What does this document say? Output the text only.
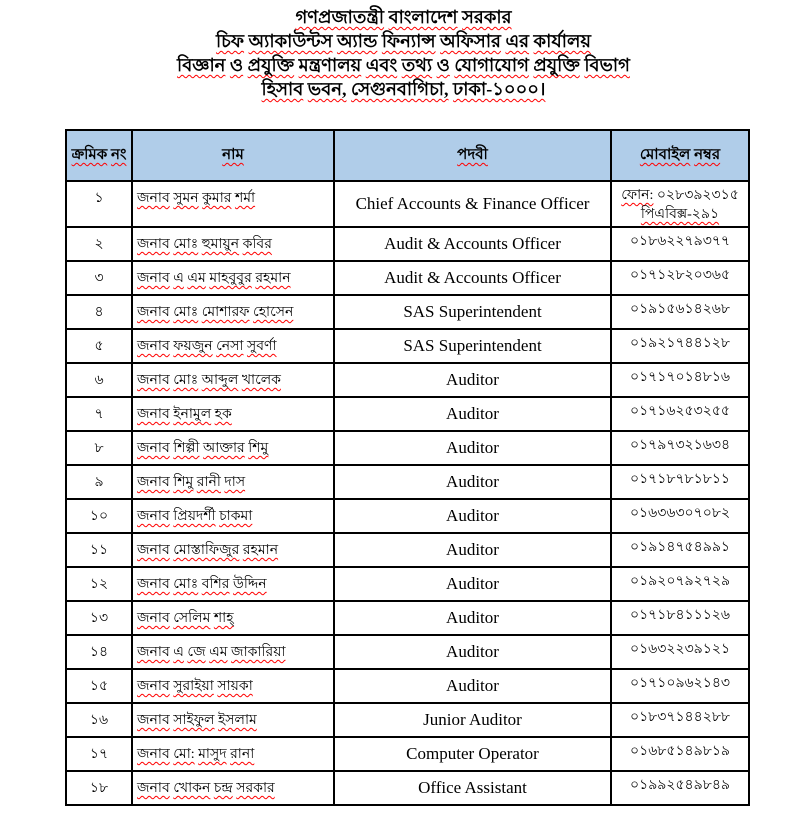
গণপ্রজাতন্ত্রী বাংলাদেশ সরকার
চিফ অ্যাকাউন্টস অ্যান্ড ফিন্যান্স অফিসার এর কার্যালয়
বিজ্ঞান ও প্রযুক্তি মন্ত্রণালয় এবং তথ্য ও যোগাযোগ প্রযুক্তি বিভাগ
হিসাব ভবন, সেগুনবাগিচা, ঢাকা-১০০০।
ক্রমিক নং	নাম	পদবী	মোবাইল নম্বর
১	জনাব সুমন কুমার শর্মা	Chief Accounts & Finance Officer	ফোন: ০২৮৩৯২৩১৫
পিএবিক্স-২৯১

২	জনাব মোঃ হুমায়ুন কবির	Audit & Accounts Officer	০১৮৬২২৭৯৩৭৭

৩	জনাব এ এম মাহবুবুর রহমান	Audit & Accounts Officer	০১৭১২৮২০৩৬৫

৪	জনাব মোঃ মোশারফ হোসেন	SAS Superintendent	০১৯১৫৬১৪২৬৮

৫	জনাব ফয়জুন নেসা সুবর্ণা	SAS Superintendent	০১৯২১৭৪৪১২৮

৬	জনাব মোঃ আব্দুল খালেক	Auditor	০১৭১৭০১৪৮১৬

৭	জনাব ইনামুল হক	Auditor	০১৭১৬২৫৩২৫৫

৮	জনাব শিল্পী আক্তার শিমু	Auditor	০১৭৯৭৩২১৬৩৪

৯	জনাব শিমু রানী দাস	Auditor	০১৭১৮৭৮১৮১১

১০	জনাব প্রিয়দর্শী চাকমা	Auditor	০১৬৩৬৩০৭০৮২

১১	জনাব মোস্তাফিজুর রহমান	Auditor	০১৯১৪৭৫৪৯৯১

১২	জনাব মোঃ বশির উদ্দিন	Auditor	০১৯২০৭৯২৭২৯

১৩	জনাব সেলিম শাহ্	Auditor	০১৭১৮৪১১১২৬

১৪	জনাব এ জে এম জাকারিয়া	Auditor	০১৬৩২২৩৯১২১

১৫	জনাব সুরাইয়া সায়কা	Auditor	০১৭১০৯৬২১৪৩

১৬	জনাব সাইফুল ইসলাম	Junior Auditor	০১৮৩৭১৪৪২৮৮

১৭	জনাব মো: মাসুদ রানা	Computer Operator	০১৬৮৫১৪৯৮১৯

১৮	জনাব খোকন চন্দ্র সরকার	Office Assistant	০১৯৯২৫৪৯৮৪৯
